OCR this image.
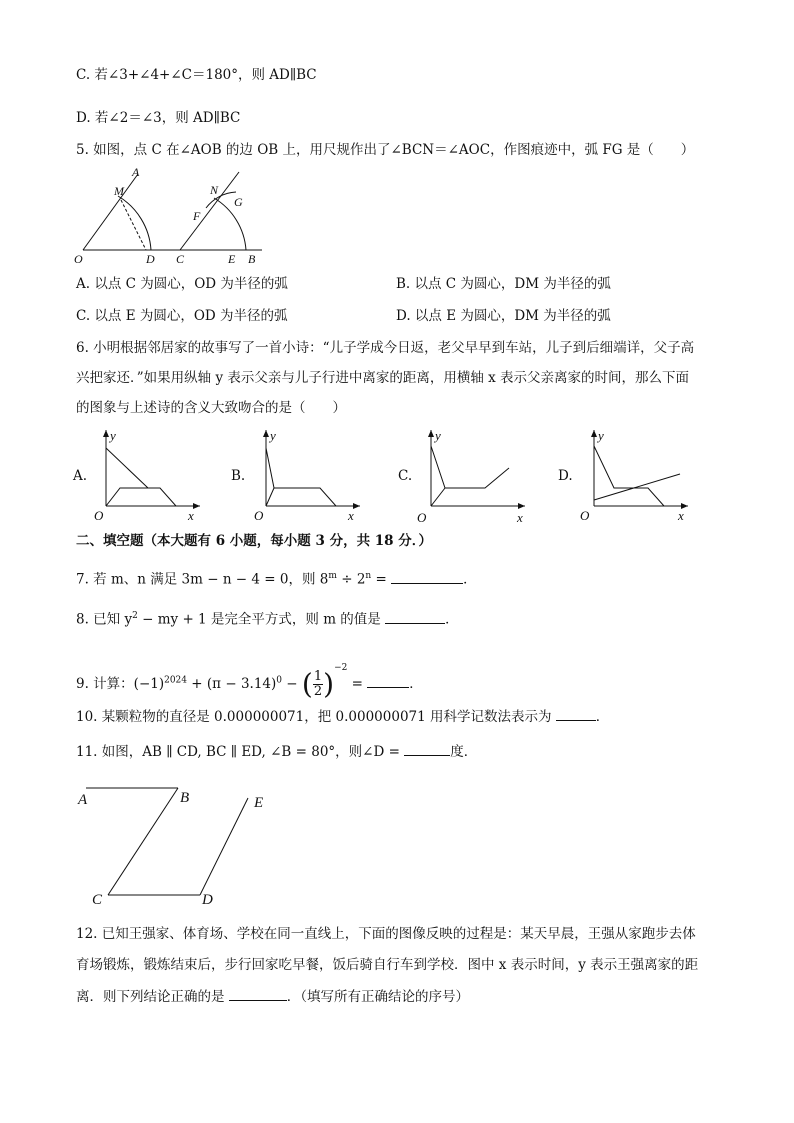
C. 若∠3+∠4+∠C＝180°，则 AD∥BC
D. 若∠2＝∠3，则 AD∥BC
5. 如图，点 C 在∠AOB 的边 OB 上，用尺规作出了∠BCN＝∠AOC，作图痕迹中，弧 FG 是（　　）
A
M
O	D C
N
F
G
E B
A. 以点 C 为圆心，OD 为半径的弧	B. 以点 C 为圆心，DM 为半径的弧
C. 以点 E 为圆心，OD 为半径的弧	D. 以点 E 为圆心，DM 为半径的弧
6. 小明根据邻居家的故事写了一首小诗：“儿子学成今日返，老父早早到车站，儿子到后细端详，父子高
兴把家还．”如果用纵轴 y 表示父亲与儿子行进中离家的距离，用横轴 x 表示父亲离家的时间，那么下面
的图象与上述诗的含义大致吻合的是（　　）
A.
y
x
O
B.
y
x
O
C.
y
x
O
D.
y
x
O
二、填空题（本大题有 6 小题，每小题 3 分，共 18 分．）
7. 若 m、n 满足 3m − n − 4 = 0，则 $8^m \div 2^n$ =	．
8. 已知 $y^2$ − my + 1 是完全平方式，则 m 的值是	．
9. 计算：$(-1)^{2024} + (\pi - 3.14)^0$ − ( $\frac{1}{2} )^{-2}$ =	．
10. 某颗粒物的直径是 0.000000071，把 0.000000071 用科学记数法表示为	．
11. 如图，AB ∥ CD, BC ∥ ED, ∠B = 80°，则∠D =	度．
A	B	E
C	D
12. 已知王强家、体育场、学校在同一直线上，下面的图像反映的过程是：某天早晨，王强从家跑步去体
育场锻炼，锻炼结束后，步行回家吃早餐，饭后骑自行车到学校．图中 x 表示时间，y 表示王强离家的距
离．则下列结论正确的是	．（填写所有正确结论的序号）
